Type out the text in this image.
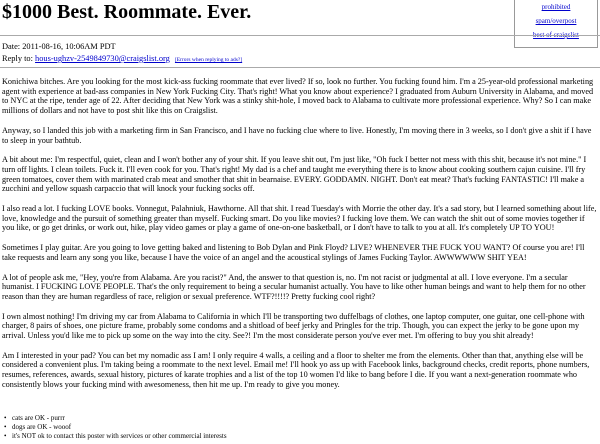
$1000 Best. Roommate. Ever.	prohibited
spam/overpost
best of craigslist
Date: 2011-08-16, 10:06AM PDT
Reply to: hous-ughzv-2549849730@craigslist.org [Errors when replying to ads?]

Konichiwa bitches. Are you looking for the most kick-ass fucking roommate that ever lived? If so, look no further. You fucking found him. I'm a 25-year-old professional marketing agent with experience at bad-ass companies in New York Fucking City. That's right! What you know about experience? I graduated from Auburn University in Alabama, and moved to NYC at the ripe, tender age of 22. After deciding that New York was a stinky shit-hole, I moved back to Alabama to cultivate more professional experience. Why? So I can make millions of dollars and not have to post shit like this on Craigslist.

Anyway, so I landed this job with a marketing firm in San Francisco, and I have no fucking clue where to live. Honestly, I'm moving there in 3 weeks, so I don't give a shit if I have to sleep in your bathtub.

A bit about me: I'm respectful, quiet, clean and I won't bother any of your shit. If you leave shit out, I'm just like, "Oh fuck I better not mess with this shit, because it's not mine." I turn off lights. I clean toilets. Fuck it. I'll even cook for you. That's right! My dad is a chef and taught me everything there is to know about cooking southern cajun cuisine. I'll fry green tomatoes, cover them with marinated crab meat and smother that shit in bearnaise. EVERY. GODDAMN. NIGHT. Don't eat meat? That's fucking FANTASTIC! I'll make a zucchini and yellow squash carpaccio that will knock your fucking socks off.

I also read a lot. I fucking LOVE books. Vonnegut, Palahniuk, Hawthorne. All that shit. I read Tuesday's with Morrie the other day. It's a sad story, but I learned something about life, love, knowledge and the pursuit of something greater than myself. Fucking smart. Do you like movies? I fucking love them. We can watch the shit out of some movies together if you like, or go get drinks, or work out, hike, play video games or play a game of one-on-one basketball, or I don't have to talk to you at all. It's completely UP TO YOU!

Sometimes I play guitar. Are you going to love getting baked and listening to Bob Dylan and Pink Floyd? LIVE? WHENEVER THE FUCK YOU WANT? Of course you are! I'll take requests and learn any song you like, because I have the voice of an angel and the acoustical stylings of James Fucking Taylor. AWWWWWW SHIT YEA!

A lot of people ask me, "Hey, you're from Alabama. Are you racist?" And, the answer to that question is, no. I'm not racist or judgmental at all. I love everyone. I'm a secular humanist. I FUCKING LOVE PEOPLE. That's the only requirement to being a secular humanist actually. You have to like other human beings and want to help them for no other reason than they are human regardless of race, religion or sexual preference. WTF?!!!!? Pretty fucking cool right?

I own almost nothing! I'm driving my car from Alabama to California in which I'll be transporting two duffelbags of clothes, one laptop computer, one guitar, one cell-phone with charger, 8 pairs of shoes, one picture frame, probably some condoms and a shitload of beef jerky and Pringles for the trip. Though, you can expect the jerky to be gone upon my arrival. Unless you'd like me to pick up some on the way into the city. See?! I'm the most considerate person you've ever met. I'm offering to buy you shit already!

Am I interested in your pad? You can bet my nomadic ass I am! I only require 4 walls, a ceiling and a floor to shelter me from the elements. Other than that, anything else will be considered a convenient plus. I'm taking being a roommate to the next level. Email me! I'll hook yo ass up with Facebook links, background checks, credit reports, phone numbers, resumes, references, awards, sexual history, pictures of karate trophies and a list of the top 10 women I'd like to bang before I die. If you want a next-generation roommate who consistently blows your fucking mind with awesomeness, then hit me up. I'm ready to give you money.

• cats are OK - purrr
• dogs are OK - wooof
• it's NOT ok to contact this poster with services or other commercial interests
